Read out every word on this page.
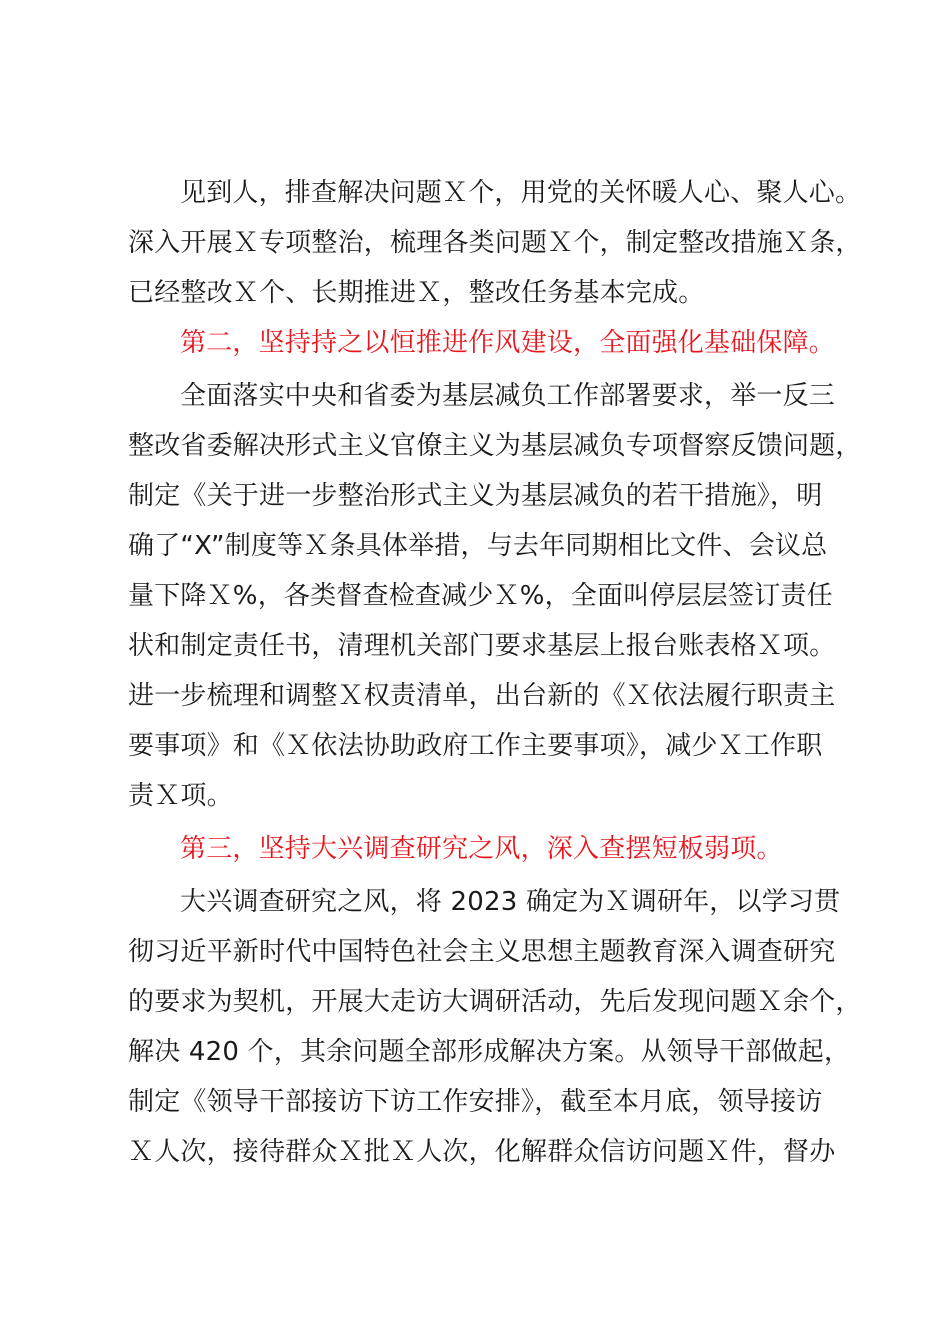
见到人，排查解决问题Ｘ个，用党的关怀暖人心、聚人心。
深入开展Ｘ专项整治，梳理各类问题Ｘ个，制定整改措施Ｘ条，
已经整改Ｘ个、长期推进Ｘ，整改任务基本完成。
第二，坚持持之以恒推进作风建设，全面强化基础保障。
全面落实中央和省委为基层减负工作部署要求，举一反三
整改省委解决形式主义官僚主义为基层减负专项督察反馈问题，
制定《关于进一步整治形式主义为基层减负的若干措施》，明
确了“X”制度等Ｘ条具体举措，与去年同期相比文件、会议总
量下降Ｘ%，各类督查检查减少Ｘ%，全面叫停层层签订责任
状和制定责任书，清理机关部门要求基层上报台账表格Ｘ项。
进一步梳理和调整Ｘ权责清单，出台新的《Ｘ依法履行职责主
要事项》和《Ｘ依法协助政府工作主要事项》，减少Ｘ工作职
责Ｘ项。
第三，坚持大兴调查研究之风，深入查摆短板弱项。
大兴调查研究之风，将 2023 确定为Ｘ调研年，以学习贯
彻习近平新时代中国特色社会主义思想主题教育深入调查研究
的要求为契机，开展大走访大调研活动，先后发现问题Ｘ余个，
解决 420 个，其余问题全部形成解决方案。从领导干部做起，
制定《领导干部接访下访工作安排》，截至本月底，领导接访
Ｘ人次，接待群众Ｘ批Ｘ人次，化解群众信访问题Ｘ件，督办
